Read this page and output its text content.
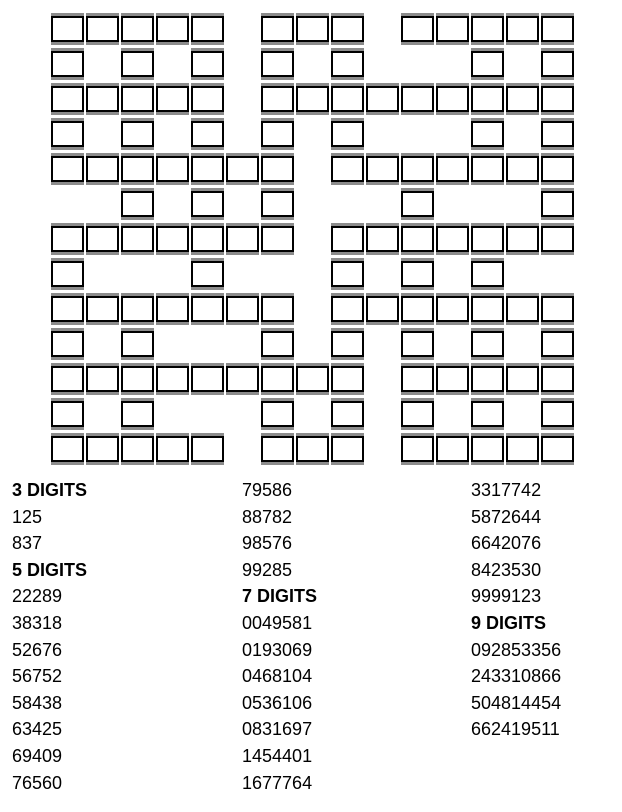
3 DIGITS
125
837
5 DIGITS
22289
38318
52676
56752
58438
63425
69409
76560
79586
88782
98576
99285
7 DIGITS
0049581
0193069
0468104
0536106
0831697
1454401
1677764
3317742
5872644
6642076
8423530
9999123
9 DIGITS
092853356
243310866
504814454
662419511
